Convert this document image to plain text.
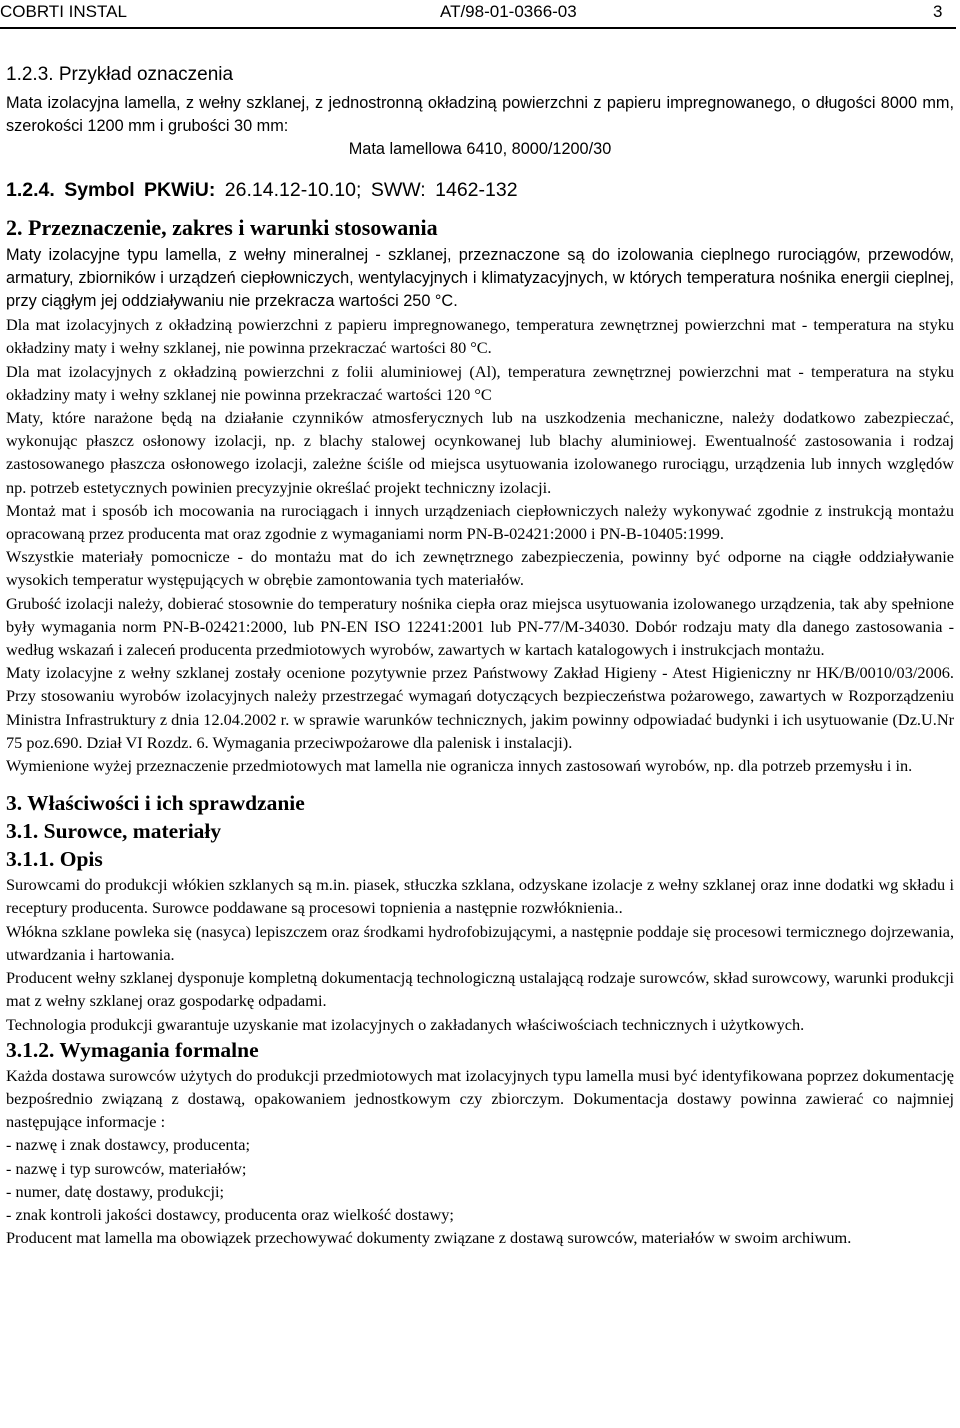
COBRTI INSTAL	AT/98-01-0366-03	3
1.2.3. Przykład oznaczenia

Mata izolacyjna lamella, z wełny szklanej, z jednostronną okładziną powierzchni z papieru impregnowanego, o długości 8000 mm, szerokości 1200 mm i grubości 30 mm:

Mata lamellowa 6410, 8000/1200/30

1.2.4. Symbol PKWiU: 26.14.12-10.10; SWW: 1462-132
2. Przeznaczenie, zakres i warunki stosowania

Maty izolacyjne typu lamella, z wełny mineralnej - szklanej, przeznaczone są do izolowania cieplnego rurociągów, przewodów, armatury, zbiorników i urządzeń ciepłowniczych, wentylacyjnych i klimatyzacyjnych, w których temperatura nośnika energii cieplnej, przy ciągłym jej oddziaływaniu nie przekracza wartości 250 °C.

Dla mat izolacyjnych z okładziną powierzchni z papieru impregnowanego, temperatura zewnętrznej powierzchni mat - temperatura na styku okładziny maty i wełny szklanej, nie powinna przekraczać wartości 80 °C.

Dla mat izolacyjnych z okładziną powierzchni z folii aluminiowej (Al), temperatura zewnętrznej powierzchni mat - temperatura na styku okładziny maty i wełny szklanej nie powinna przekraczać wartości 120 °C

Maty, które narażone będą na działanie czynników atmosferycznych lub na uszkodzenia mechaniczne, należy dodatkowo zabezpieczać, wykonując płaszcz osłonowy izolacji, np. z blachy stalowej ocynkowanej lub blachy aluminiowej. Ewentualność zastosowania i rodzaj zastosowanego płaszcza osłonowego izolacji, zależne ściśle od miejsca usytuowania izolowanego rurociągu, urządzenia lub innych względów np. potrzeb estetycznych powinien precyzyjnie określać projekt techniczny izolacji.

Montaż mat i sposób ich mocowania na rurociągach i innych urządzeniach ciepłowniczych należy wykonywać zgodnie z instrukcją montażu opracowaną przez producenta mat oraz zgodnie z wymaganiami norm PN-B-02421:2000 i PN-B-10405:1999.

Wszystkie materiały pomocnicze - do montażu mat do ich zewnętrznego zabezpieczenia, powinny być odporne na ciągłe oddziaływanie wysokich temperatur występujących w obrębie zamontowania tych materiałów.

Grubość izolacji należy, dobierać stosownie do temperatury nośnika ciepła oraz miejsca usytuowania izolowanego urządzenia, tak aby spełnione były wymagania norm PN-B-02421:2000, lub PN-EN ISO 12241:2001 lub PN-77/M-34030. Dobór rodzaju maty dla danego zastosowania - według wskazań i zaleceń producenta przedmiotowych wyrobów, zawartych w kartach katalogowych i instrukcjach montażu.

Maty izolacyjne z wełny szklanej zostały ocenione pozytywnie przez Państwowy Zakład Higieny - Atest Higieniczny nr HK/B/0010/03/2006. Przy stosowaniu wyrobów izolacyjnych należy przestrzegać wymagań dotyczących bezpieczeństwa pożarowego, zawartych w Rozporządzeniu Ministra Infrastruktury z dnia 12.04.2002 r. w sprawie warunków technicznych, jakim powinny odpowiadać budynki i ich usytuowanie (Dz.U.Nr 75 poz.690. Dział VI Rozdz. 6. Wymagania przeciwpożarowe dla palenisk i instalacji).

Wymienione wyżej przeznaczenie przedmiotowych mat lamella nie ogranicza innych zastosowań wyrobów, np. dla potrzeb przemysłu i in.

3. Właściwości i ich sprawdzanie
3.1. Surowce, materiały
3.1.1. Opis

Surowcami do produkcji włókien szklanych są m.in. piasek, stłuczka szklana, odzyskane izolacje z wełny szklanej oraz inne dodatki wg składu i receptury producenta. Surowce poddawane są procesowi topnienia a następnie rozwłóknienia..

Włókna szklane powleka się (nasyca) lepiszczem oraz środkami hydrofobizującymi, a następnie poddaje się procesowi termicznego dojrzewania, utwardzania i hartowania.

Producent wełny szklanej dysponuje kompletną dokumentacją technologiczną ustalającą rodzaje surowców, skład surowcowy, warunki produkcji mat z wełny szklanej oraz gospodarkę odpadami.

Technologia produkcji gwarantuje uzyskanie mat izolacyjnych o zakładanych właściwościach technicznych i użytkowych.

3.1.2. Wymagania formalne

Każda dostawa surowców użytych do produkcji przedmiotowych mat izolacyjnych typu lamella musi być identyfikowana poprzez dokumentację bezpośrednio związaną z dostawą, opakowaniem jednostkowym czy zbiorczym. Dokumentacja dostawy powinna zawierać co najmniej następujące informacje :

- nazwę i znak dostawcy, producenta;
- nazwę i typ surowców, materiałów;
- numer, datę dostawy, produkcji;
- znak kontroli jakości dostawcy, producenta oraz wielkość dostawy;

Producent mat lamella ma obowiązek przechowywać dokumenty związane z dostawą surowców, materiałów w swoim archiwum.
